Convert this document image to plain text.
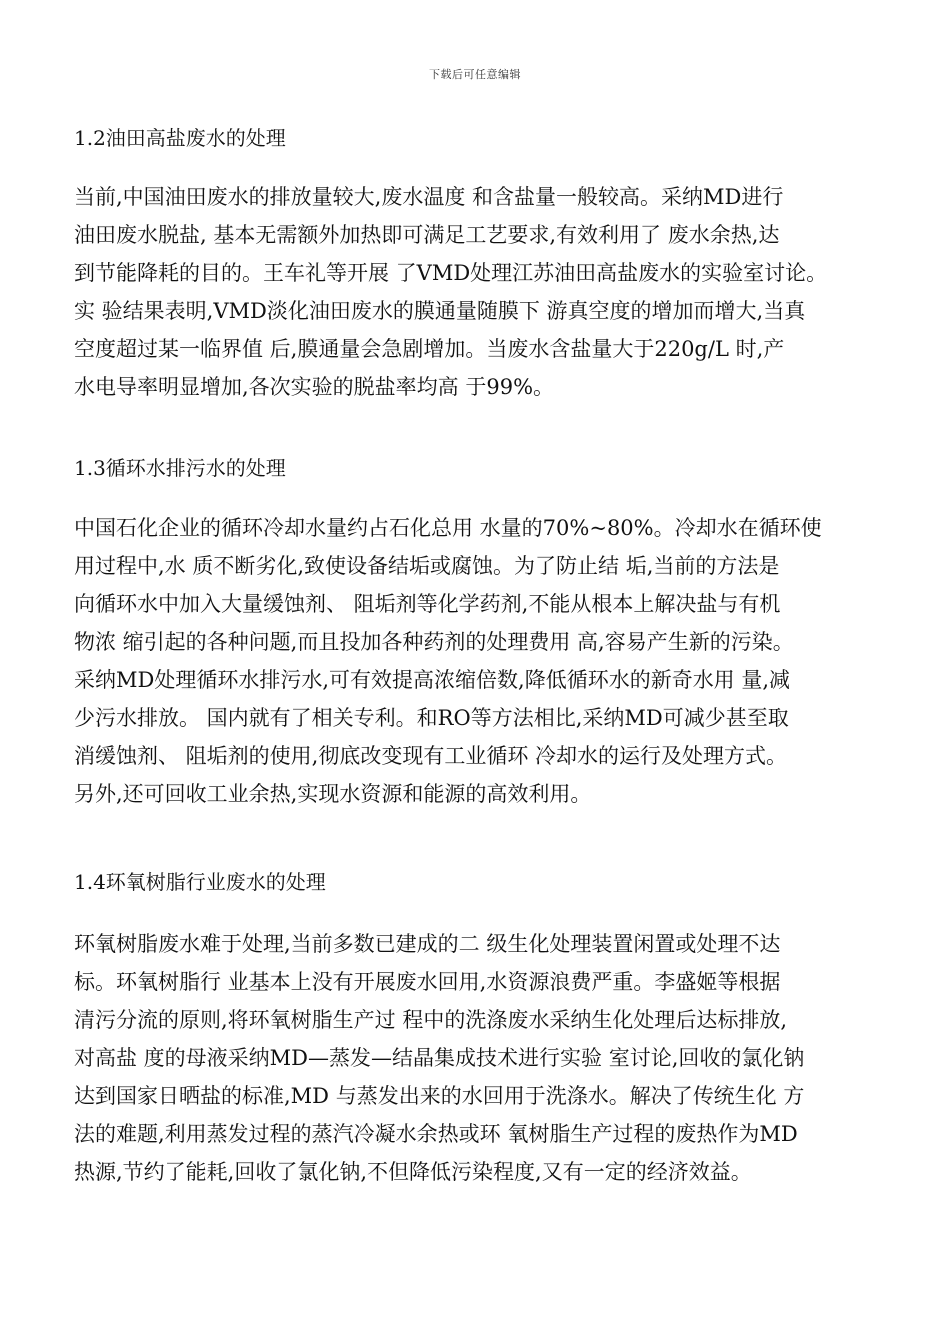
下载后可任意编辑
1.2油田高盐废水的处理
当前,中国油田废水的排放量较大,废水温度 和含盐量一般较高。采纳MD进行
油田废水脱盐, 基本无需额外加热即可满足工艺要求,有效利用了 废水余热,达
到节能降耗的目的。王车礼等开展 了VMD处理江苏油田高盐废水的实验室讨论。
实 验结果表明,VMD淡化油田废水的膜通量随膜下 游真空度的增加而增大,当真
空度超过某一临界值 后,膜通量会急剧增加。当废水含盐量大于220g/L 时,产
水电导率明显增加,各次实验的脱盐率均高 于99%。
1.3循环水排污水的处理
中国石化企业的循环冷却水量约占石化总用 水量的70%~80%。冷却水在循环使
用过程中,水 质不断劣化,致使设备结垢或腐蚀。为了防止结 垢,当前的方法是
向循环水中加入大量缓蚀剂、 阻垢剂等化学药剂,不能从根本上解决盐与有机
物浓 缩引起的各种问题,而且投加各种药剂的处理费用 高,容易产生新的污染。
采纳MD处理循环水排污水,可有效提高浓缩倍数,降低循环水的新奇水用 量,减
少污水排放。 国内就有了相关专利。和RO等方法相比,采纳MD可减少甚至取
消缓蚀剂、 阻垢剂的使用,彻底改变现有工业循环 冷却水的运行及处理方式。
另外,还可回收工业余热,实现水资源和能源的高效利用。
1.4环氧树脂行业废水的处理
环氧树脂废水难于处理,当前多数已建成的二 级生化处理装置闲置或处理不达
标。环氧树脂行 业基本上没有开展废水回用,水资源浪费严重。李盛姬等根据
清污分流的原则,将环氧树脂生产过 程中的洗涤废水采纳生化处理后达标排放,
对高盐 度的母液采纳MD—蒸发—结晶集成技术进行实验 室讨论,回收的氯化钠
达到国家日晒盐的标准,MD 与蒸发出来的水回用于洗涤水。解决了传统生化 方
法的难题,利用蒸发过程的蒸汽冷凝水余热或环 氧树脂生产过程的废热作为MD
热源,节约了能耗,回收了氯化钠,不但降低污染程度,又有一定的经济效益。
